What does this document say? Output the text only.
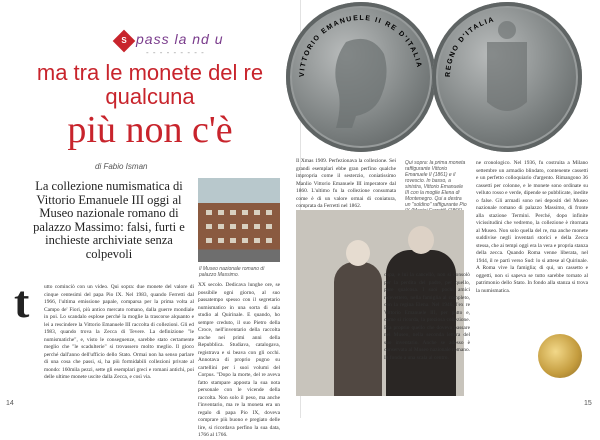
S pass la nd u
- - - - - - - - -
ma tra le monete del re
qualcuna
più non c'è
di Fabio Isman
La collezione numismatica di Vittorio Emanuele III oggi al Museo nazionale romano di palazzo Massimo: falsi, furti e inchieste archiviate senza colpevoli
Il Museo nazionale romano di palazzo Massimo.
t	utto cominciò con un video. Qui sopra: due monete del valore di cinque centesimi del papa Pio IX. Nel 1983, quando Ferretti dal 1966, l'ultima emissione papale, comparsa per la prima volta al Campo de' Fiori, più antico mercato romano, dalla guerre mondiale in poi. Lo scandalo esplose perché la moglie la trascorse alquanto e lei a rescindere la Vittorio Emanuele III raccolta di collezioni. Gli ed 1983, quando trova la Zecca di Tevere. La definizione "le numismatiche", e, visto le conseguenze, sarebbe stato certamente meglio che "le scadulterie" si trovassero molto meglio. Il gioco perché dall'anno dell'ufficio dello Stato. Ormai non ha senso parlare di una cosa che passi, si, ha più formidabili collezioni private al mondo: 160mila pezzi, sette gli esemplari greci e romani antichi, poi delle ultime monete uscite dalla Zecca, e così via.
XX secolo. Dedicava lunghe ore, se possibile ogni giorno, al suo passatempo spesso con il segretario numismatico in una sorta di sala studio al Quirinale. E quando, ho sempre creduto, il suo Pietro della Croce, nell'inventario della raccolta anche nei primi anni della Repubblica. Studiava, catalogava, registrava e si beava con gli occhi. Annotava di proprio pugno su cartellini per i suoi volumi del Corpus. "Dopo la morte, del re aveva fatto stampare apposta la sua nota personale con le vicende della raccolta. Non solo il peso, ma anche l'inventario, ma re la moneta era un regalo di papa Pio IX, doveva comprare più buono e pregiato delle lire, si ricordava perfino la sua data, 1766 al 1766.
14	15
VITTORIO EMANUELE II RE D'ITALIA
REGNO D'ITALIA
Il Xmas 1909. Perfezionava la collezione. Sei grandi esemplari ebbe gran perfino qualche impropria come il sesterzio, coniatissimo Manlio Vittorio Emanuele III imperatore dal 1860. L'ultimo fu la collezione consumata come è di un valore ormai di coniatura, comprata da Ferretti nel 1862.
Qui sopra: la prima moneta raffigurante Vittorio Emanuele II (1861) e il rovescio. In basso, a sinistra, Vittorio Emanuele III con la moglie Elena di Montenegro. Qui a destra un "soldino" raffigurante Pio
ne cronologico. Nel 1936, fu costruita a Milano settembre un armadio blindato, contenente cassetti e un perfetto colloquiario d'argento. Rimangono 36 cassetti per colonne, e le monete sono ordinate su velluto rosso e verde, dipende se pubblicate, inedite o false. Gli armadi sono nei depositi del Museo nazionale romano di palazzo Massimo, di fronte alla stazione Termini. Perché, dopo infinite vicissitudini che vedremo, la collezione è ritornata al Museo. Non solo quella del re, ma anche monete suddivise negli inventari storici e della Zecca stessa, che ai tempi oggi era la vera e propria stanza della zecca. Quando Roma venne liberata, nel 1944, il re partì verso Sud: lo si attese al Quirinale. A Roma vive la famiglia; di qui, un cassetto e oggetti, non si sapeva se tutto sarebbe tornato al patrimonio dello Stato. In fondo alla stanza si trova la numismatica.
cupa, e lui la cancellò, non si consolò per la perdita del padre, per quello, pure qualcosa. I suoi pochi amici ricevettero, nella famiglia al completo, con la regina Elena. Nel 1946, l'ex re Vittorio Emanuele III, per patto e, come si ricorda, la preziosa collezione. Era proprio quello che doveva passare nel Museo, nella seconda lettera del suo inventario. Anche se adesso è conservata al Museo nazionale romano. In fondo a una scala al centro.
